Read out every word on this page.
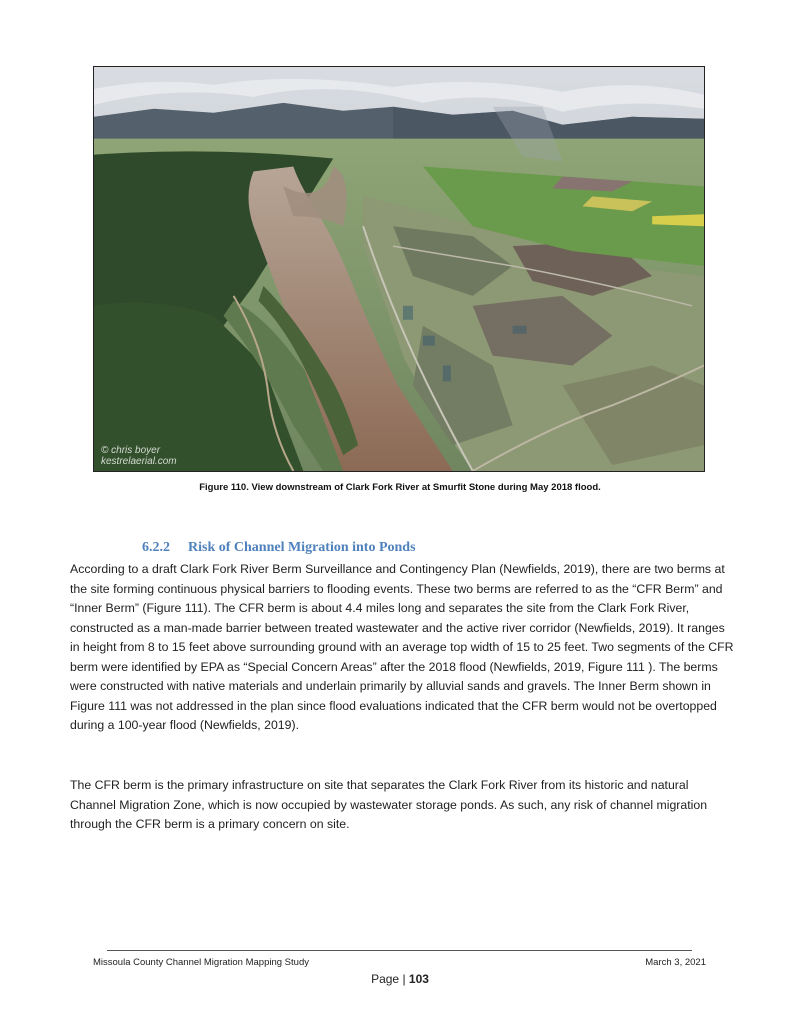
© chris boyer
kestrelaerial.com
Figure 110. View downstream of Clark Fork River at Smurfit Stone during May 2018 flood.
6.2.2 Risk of Channel Migration into Ponds

According to a draft Clark Fork River Berm Surveillance and Contingency Plan (Newfields, 2019), there are two berms at the site forming continuous physical barriers to flooding events. These two berms are referred to as the “CFR Berm” and “Inner Berm” (Figure 111). The CFR berm is about 4.4 miles long and separates the site from the Clark Fork River, constructed as a man-made barrier between treated wastewater and the active river corridor (Newfields, 2019). It ranges in height from 8 to 15 feet above surrounding ground with an average top width of 15 to 25 feet. Two segments of the CFR berm were identified by EPA as “Special Concern Areas” after the 2018 flood (Newfields, 2019, Figure 111 ). The berms were constructed with native materials and underlain primarily by alluvial sands and gravels. The Inner Berm shown in Figure 111 was not addressed in the plan since flood evaluations indicated that the CFR berm would not be overtopped during a 100-year flood (Newfields, 2019).

The CFR berm is the primary infrastructure on site that separates the Clark Fork River from its historic and natural Channel Migration Zone, which is now occupied by wastewater storage ponds. As such, any risk of channel migration through the CFR berm is a primary concern on site.

Missoula County Channel Migration Mapping Study	March 3, 2021
Page | 103
